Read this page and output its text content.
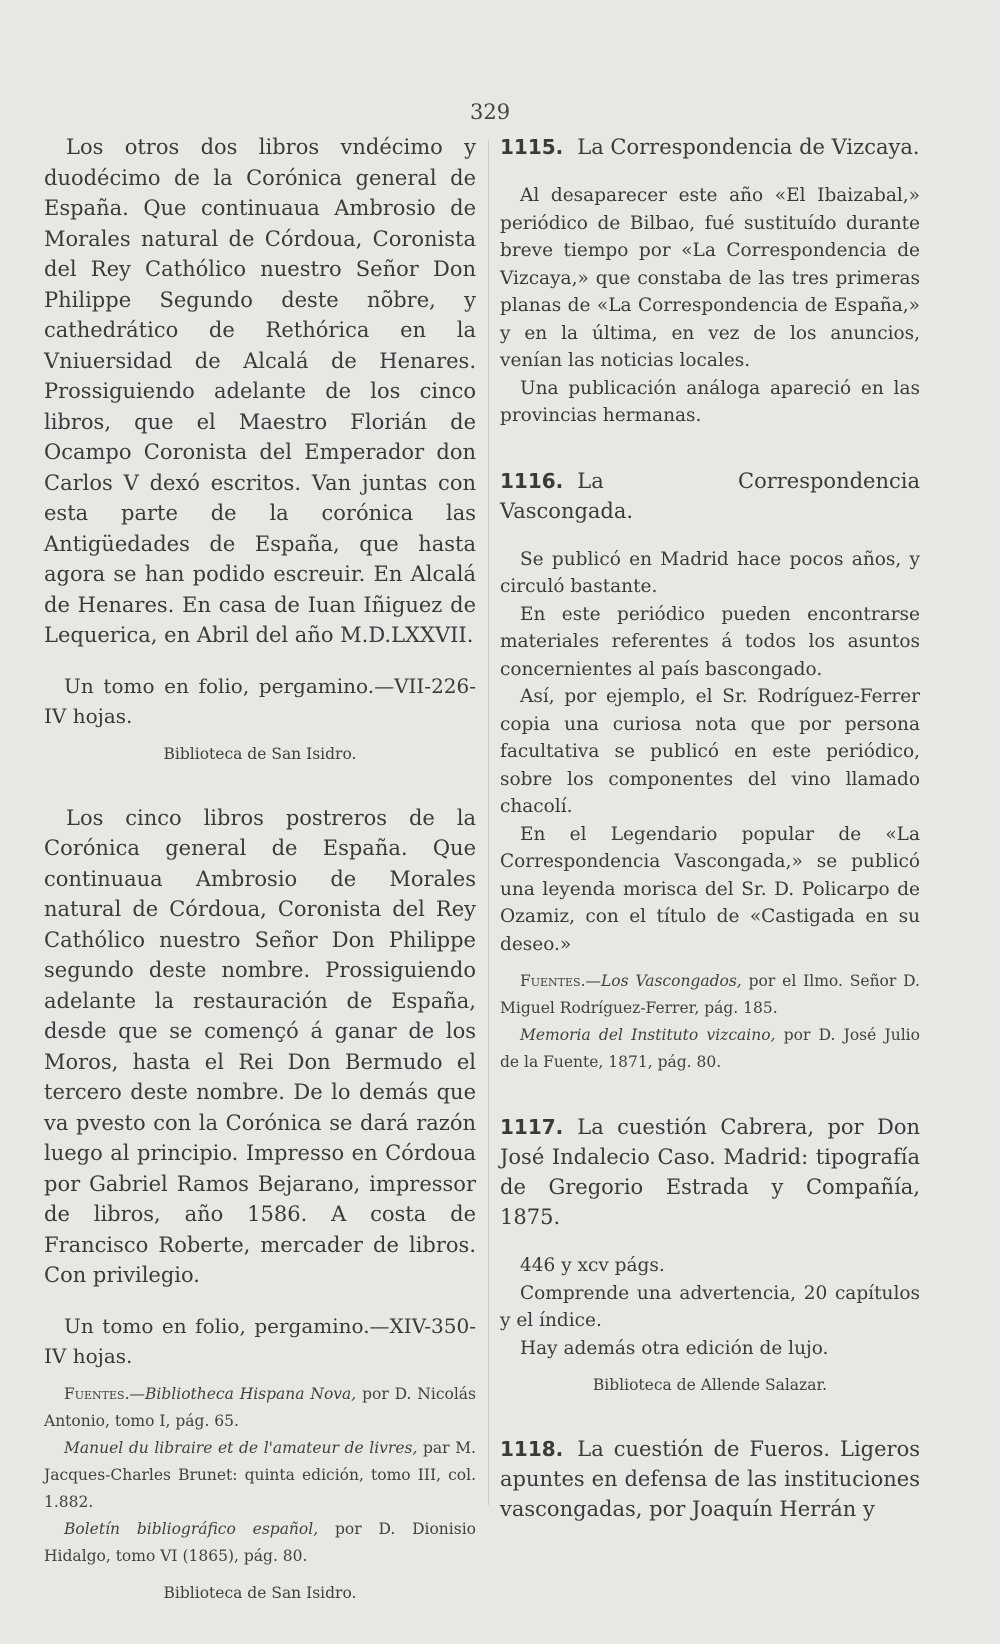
329

Los otros dos libros vndécimo y duodécimo de la Corónica general de España. Que continuaua Ambrosio de Morales natural de Córdoua, Coronista del Rey Cathólico nuestro Señor Don Philippe Segundo deste nõbre, y cathedrático de Rethórica en la Vniuersidad de Alcalá de Henares. Prossiguiendo adelante de los cinco libros, que el Maestro Florián de Ocampo Coronista del Emperador don Carlos V dexó escritos. Van juntas con esta parte de la corónica las Antigüedades de España, que hasta agora se han podido escreuir. En Alcalá de Henares. En casa de Iuan Iñiguez de Lequerica, en Abril del año M.D.LXXVII.

Un tomo en folio, pergamino.—VII-226-IV hojas.

Biblioteca de San Isidro.

Los cinco libros postreros de la Corónica general de España. Que continuaua Ambrosio de Morales natural de Córdoua, Coronista del Rey Cathólico nuestro Señor Don Philippe segundo deste nombre. Prossiguiendo adelante la restauración de España, desde que se començó á ganar de los Moros, hasta el Rei Don Bermudo el tercero deste nombre. De lo demás que va pvesto con la Corónica se dará razón luego al principio. Impresso en Córdoua por Gabriel Ramos Bejarano, impressor de libros, año 1586. A costa de Francisco Roberte, mercader de libros. Con privilegio.

Un tomo en folio, pergamino.—XIV-350-IV hojas.

Fuentes.—Bibliotheca Hispana Nova, por D. Nicolás Antonio, tomo I, pág. 65.

Manuel du libraire et de l'amateur de livres, par M. Jacques-Charles Brunet: quinta edición, tomo III, col. 1.882.

Boletín bibliográfico español, por D. Dionisio Hidalgo, tomo VI (1865), pág. 80.

Biblioteca de San Isidro.

1115. La Correspondencia de Vizcaya.

Al desaparecer este año «El Ibaizabal,» periódico de Bilbao, fué sustituído durante breve tiempo por «La Correspondencia de Vizcaya,» que constaba de las tres primeras planas de «La Correspondencia de España,» y en la última, en vez de los anuncios, venían las noticias locales.

Una publicación análoga apareció en las provincias hermanas.

1116. La Correspondencia Vascongada.

Se publicó en Madrid hace pocos años, y circuló bastante.

En este periódico pueden encontrarse materiales referentes á todos los asuntos concernientes al país bascongado.

Así, por ejemplo, el Sr. Rodríguez-Ferrer copia una curiosa nota que por persona facultativa se publicó en este periódico, sobre los componentes del vino llamado chacolí.

En el Legendario popular de «La Correspondencia Vascongada,» se publicó una leyenda morisca del Sr. D. Policarpo de Ozamiz, con el título de «Castigada en su deseo.»

Fuentes.—Los Vascongados, por el Ilmo. Señor D. Miguel Rodríguez-Ferrer, pág. 185.

Memoria del Instituto vizcaino, por D. José Julio de la Fuente, 1871, pág. 80.

1117. La cuestión Cabrera, por Don José Indalecio Caso. Madrid: tipografía de Gregorio Estrada y Compañía, 1875.

446 y xcv págs.

Comprende una advertencia, 20 capítulos y el índice.

Hay además otra edición de lujo.

Biblioteca de Allende Salazar.

1118. La cuestión de Fueros. Ligeros apuntes en defensa de las instituciones vascongadas, por Joaquín Herrán y
